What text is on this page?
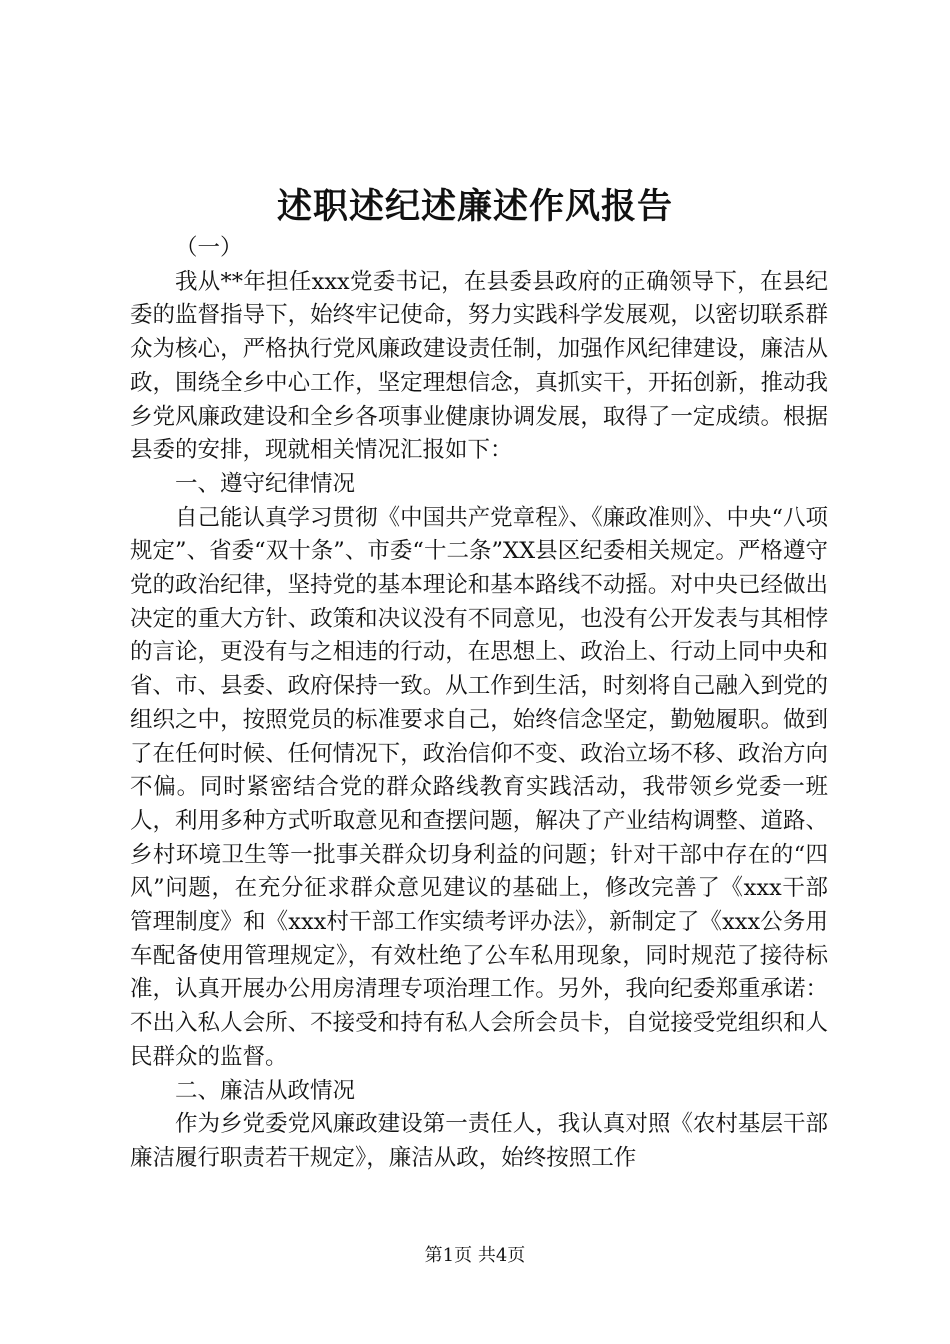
述职述纪述廉述作风报告

（一）

我从**年担任xxx党委书记，在县委县政府的正确领导下，在县纪委的监督指导下，始终牢记使命，努力实践科学发展观，以密切联系群众为核心，严格执行党风廉政建设责任制，加强作风纪律建设，廉洁从政，围绕全乡中心工作，坚定理想信念，真抓实干，开拓创新，推动我乡党风廉政建设和全乡各项事业健康协调发展，取得了一定成绩。根据县委的安排，现就相关情况汇报如下：

一、遵守纪律情况

自己能认真学习贯彻《中国共产党章程》、《廉政准则》、中央“八项规定”、省委“双十条”、市委“十二条”XX县区纪委相关规定。严格遵守党的政治纪律，坚持党的基本理论和基本路线不动摇。对中央已经做出决定的重大方针、政策和决议没有不同意见，也没有公开发表与其相悖的言论，更没有与之相违的行动，在思想上、政治上、行动上同中央和省、市、县委、政府保持一致。从工作到生活，时刻将自己融入到党的组织之中，按照党员的标准要求自己，始终信念坚定，勤勉履职。做到了在任何时候、任何情况下，政治信仰不变、政治立场不移、政治方向不偏。同时紧密结合党的群众路线教育实践活动，我带领乡党委一班人，利用多种方式听取意见和查摆问题，解决了产业结构调整、道路、乡村环境卫生等一批事关群众切身利益的问题；针对干部中存在的“四风”问题，在充分征求群众意见建议的基础上，修改完善了《xxx干部管理制度》和《xxx村干部工作实绩考评办法》，新制定了《xxx公务用车配备使用管理规定》，有效杜绝了公车私用现象，同时规范了接待标准，认真开展办公用房清理专项治理工作。另外，我向纪委郑重承诺：不出入私人会所、不接受和持有私人会所会员卡，自觉接受党组织和人民群众的监督。

二、廉洁从政情况

作为乡党委党风廉政建设第一责任人，我认真对照《农村基层干部廉洁履行职责若干规定》，廉洁从政，始终按照工作

第1页 共4页
